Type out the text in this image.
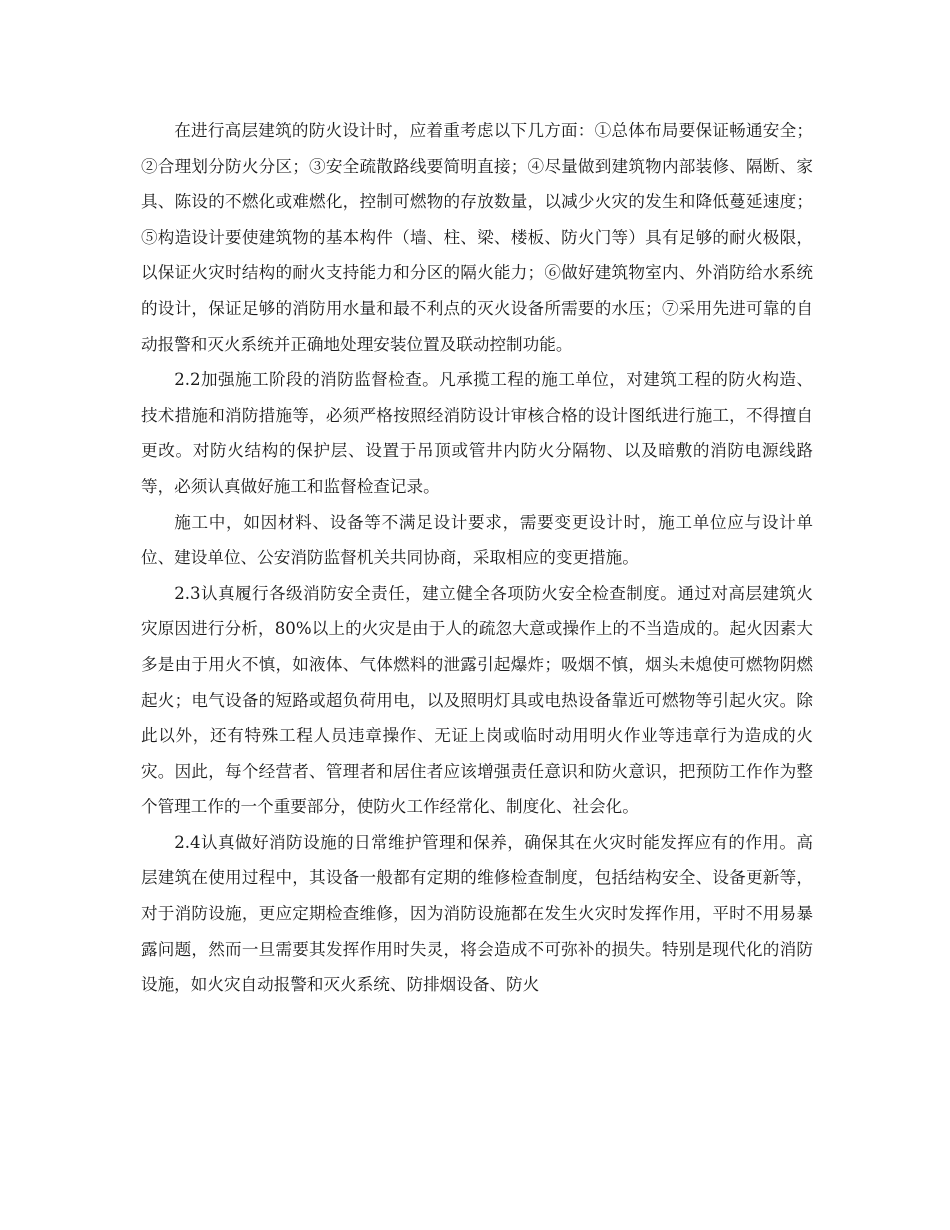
在进行高层建筑的防火设计时，应着重考虑以下几方面：①总体布局要保证畅通安全；②合理划分防火分区；③安全疏散路线要简明直接；④尽量做到建筑物内部装修、隔断、家具、陈设的不燃化或难燃化，控制可燃物的存放数量，以减少火灾的发生和降低蔓延速度；⑤构造设计要使建筑物的基本构件（墙、柱、梁、楼板、防火门等）具有足够的耐火极限，以保证火灾时结构的耐火支持能力和分区的隔火能力；⑥做好建筑物室内、外消防给水系统的设计，保证足够的消防用水量和最不利点的灭火设备所需要的水压；⑦采用先进可靠的自动报警和灭火系统并正确地处理安装位置及联动控制功能。

2.2加强施工阶段的消防监督检查。凡承揽工程的施工单位，对建筑工程的防火构造、技术措施和消防措施等，必须严格按照经消防设计审核合格的设计图纸进行施工，不得擅自更改。对防火结构的保护层、设置于吊顶或管井内防火分隔物、以及暗敷的消防电源线路等，必须认真做好施工和监督检查记录。

施工中，如因材料、设备等不满足设计要求，需要变更设计时，施工单位应与设计单位、建设单位、公安消防监督机关共同协商，采取相应的变更措施。

2.3认真履行各级消防安全责任，建立健全各项防火安全检查制度。通过对高层建筑火灾原因进行分析，80%以上的火灾是由于人的疏忽大意或操作上的不当造成的。起火因素大多是由于用火不慎，如液体、气体燃料的泄露引起爆炸；吸烟不慎，烟头未熄使可燃物阴燃起火；电气设备的短路或超负荷用电，以及照明灯具或电热设备靠近可燃物等引起火灾。除此以外，还有特殊工程人员违章操作、无证上岗或临时动用明火作业等违章行为造成的火灾。因此，每个经营者、管理者和居住者应该增强责任意识和防火意识，把预防工作作为整个管理工作的一个重要部分，使防火工作经常化、制度化、社会化。

2.4认真做好消防设施的日常维护管理和保养，确保其在火灾时能发挥应有的作用。高层建筑在使用过程中，其设备一般都有定期的维修检查制度，包括结构安全、设备更新等，对于消防设施，更应定期检查维修，因为消防设施都在发生火灾时发挥作用，平时不用易暴露问题，然而一旦需要其发挥作用时失灵，将会造成不可弥补的损失。特别是现代化的消防设施，如火灾自动报警和灭火系统、防排烟设备、防火
